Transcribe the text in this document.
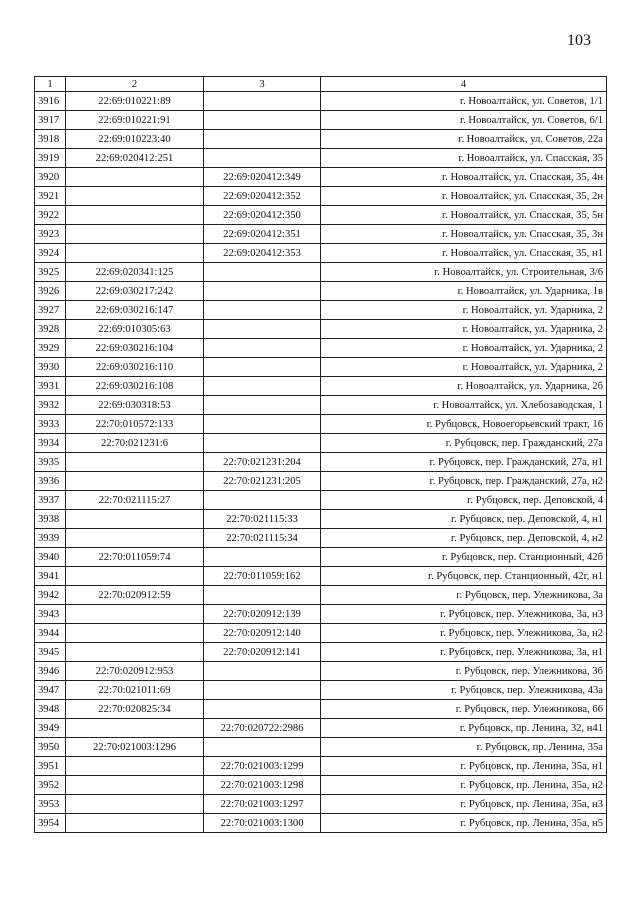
103
1	2	3	4
3916	22:69:010221:89		г. Новоалтайск, ул. Советов, 1/1
3917	22:69:010221:91		г. Новоалтайск, ул. Советов, 6/1
3918	22:69:010223:40		г. Новоалтайск, ул. Советов, 22а
3919	22:69:020412:251		г. Новоалтайск, ул. Спасская, 35
3920		22:69:020412:349	г. Новоалтайск, ул. Спасская, 35, 4н
3921		22:69:020412:352	г. Новоалтайск, ул. Спасская, 35, 2н
3922		22:69:020412:350	г. Новоалтайск, ул. Спасская, 35, 5н
3923		22:69:020412:351	г. Новоалтайск, ул. Спасская, 35, 3н
3924		22:69:020412:353	г. Новоалтайск, ул. Спасская, 35, н1
3925	22:69:020341:125		г. Новоалтайск, ул. Строительная, 3/6
3926	22:69:030217:242		г. Новоалтайск, ул. Ударника, 1в
3927	22:69:030216:147		г. Новоалтайск, ул. Ударника, 2
3928	22:69:010305:63		г. Новоалтайск, ул. Ударника, 2
3929	22:69:030216:104		г. Новоалтайск, ул. Ударника, 2
3930	22:69:030216:110		г. Новоалтайск, ул. Ударника, 2
3931	22:69:030216:108		г. Новоалтайск, ул. Ударника, 2б
3932	22:69:030318:53		г. Новоалтайск, ул. Хлебозаводская, 1
3933	22:70:010572:133		г. Рубцовск, Новоегорьевский тракт, 16
3934	22:70:021231:6		г. Рубцовск, пер. Гражданский, 27а
3935		22:70:021231:204	г. Рубцовск, пер. Гражданский, 27а, н1
3936		22:70:021231:205	г. Рубцовск, пер. Гражданский, 27а, н2
3937	22:70:021115:27		г. Рубцовск, пер. Деповской, 4
3938		22:70:021115:33	г. Рубцовск, пер. Деповской, 4, н1
3939		22:70:021115:34	г. Рубцовск, пер. Деповской, 4, н2
3940	22:70:011059:74		г. Рубцовск, пер. Станционный, 42б
3941		22:70:011059:162	г. Рубцовск, пер. Станционный, 42г, н1
3942	22:70:020912:59		г. Рубцовск, пер. Улежникова, 3а
3943		22:70:020912:139	г. Рубцовск, пер. Улежникова, 3а, н3
3944		22:70:020912:140	г. Рубцовск, пер. Улежникова, 3а, н2
3945		22:70:020912:141	г. Рубцовск, пер. Улежникова, 3а, н1
3946	22:70:020912:953		г. Рубцовск, пер. Улежникова, 3б
3947	22:70:021011:69		г. Рубцовск, пер. Улежникова, 43а
3948	22:70:020825:34		г. Рубцовск, пер. Улежникова, 66
3949		22:70:020722:2986	г. Рубцовск, пр. Ленина, 32, н41
3950	22:70:021003:1296		г. Рубцовск, пр. Ленина, 35а
3951		22:70:021003:1299	г. Рубцовск, пр. Ленина, 35а, н1
3952		22:70:021003:1298	г. Рубцовск, пр. Ленина, 35а, н2
3953		22:70:021003:1297	г. Рубцовск, пр. Ленина, 35а, н3
3954		22:70:021003:1300	г. Рубцовск, пр. Ленина, 35а, н5
